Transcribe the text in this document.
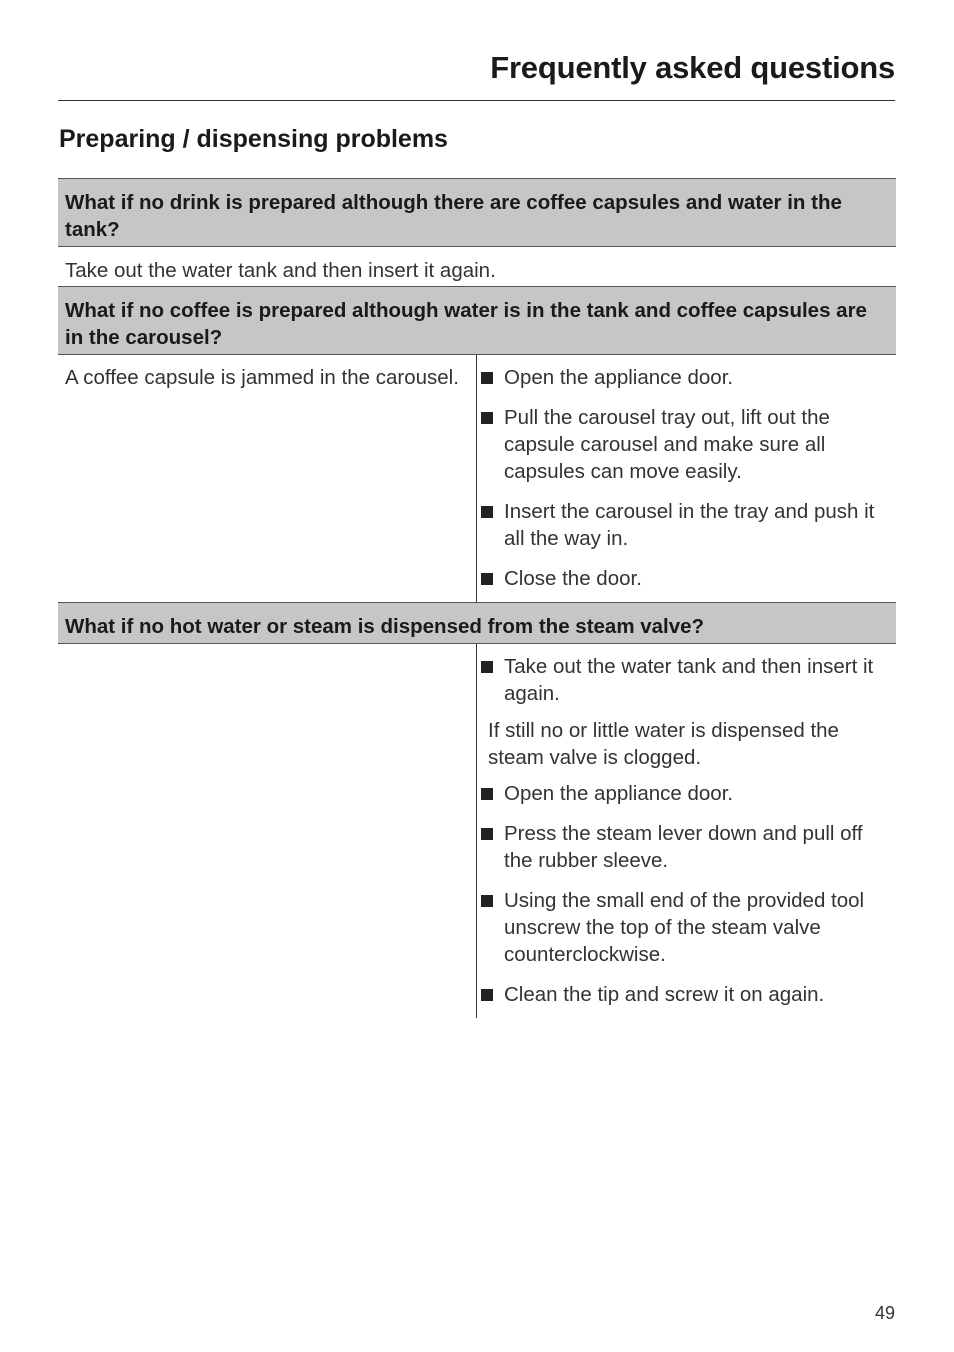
Frequently asked questions
Preparing / dispensing problems
What if no drink is prepared although there are coffee capsules and water in the tank?
Take out the water tank and then insert it again.
What if no coffee is prepared although water is in the tank and coffee capsules are in the carousel?
A coffee capsule is jammed in the carousel.	Open the appliance door.
Pull the carousel tray out, lift out the capsule carousel and make sure all capsules can move easily.
Insert the carousel in the tray and push it all the way in.
Close the door.
What if no hot water or steam is dispensed from the steam valve?
Take out the water tank and then insert it again.
If still no or little water is dispensed the steam valve is clogged.
Open the appliance door.
Press the steam lever down and pull off the rubber sleeve.
Using the small end of the provided tool unscrew the top of the steam valve counterclockwise.
Clean the tip and screw it on again.
49
